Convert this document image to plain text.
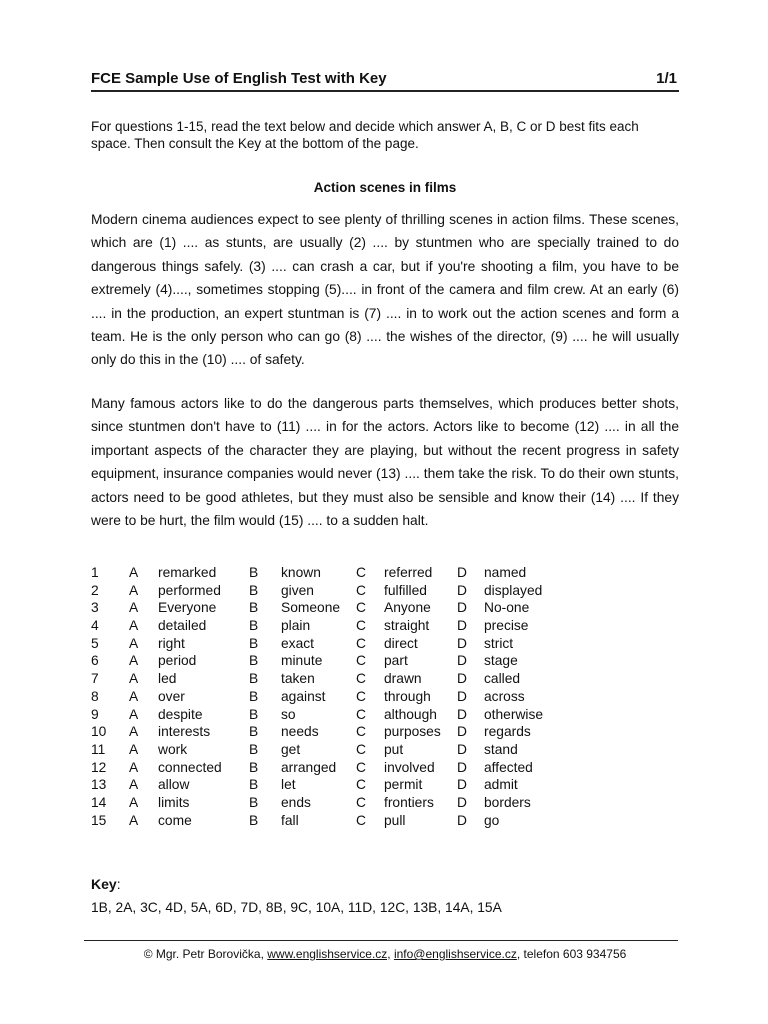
FCE Sample Use of English Test with Key	1/1
For questions 1-15, read the text below and decide which answer A, B, C or D best fits each space. Then consult the Key at the bottom of the page.
Action scenes in films

Modern cinema audiences expect to see plenty of thrilling scenes in action films. These scenes, which are (1) .... as stunts, are usually (2) .... by stuntmen who are specially trained to do dangerous things safely. (3) .... can crash a car, but if you're shooting a film, you have to be extremely (4)...., sometimes stopping (5).... in front of the camera and film crew. At an early (6) .... in the production, an expert stuntman is (7) .... in to work out the action scenes and form a team. He is the only person who can go (8) .... the wishes of the director, (9) .... he will usually only do this in the (10) .... of safety.

Many famous actors like to do the dangerous parts themselves, which produces better shots, since stuntmen don't have to (11) .... in for the actors. Actors like to become (12) .... in all the important aspects of the character they are playing, but without the recent progress in safety equipment, insurance companies would never (13) .... them take the risk. To do their own stunts, actors need to be good athletes, but they must also be sensible and know their (14) .... If they were to be hurt, the film would (15) .... to a sudden halt.

1 A remarked B known	C referred D named
2 A performed B given	C fulfilled D displayed
3 A Everyone B Someone C Anyone D No-one
4 A detailed	B plain	C straight D precise
5 A right	B exact	C direct	D strict
6 A period	B minute C part	D stage
7 A led	B taken	C drawn	D called
8 A over	B against C through D across
9 A despite	B so	C although D otherwise
10 A interests	B needs	C purposes D regards
11 A work	B get	C put	D stand
12 A connected B arranged C involved D affected
13 A allow	B let	C permit	D admit
14 A limits	B ends	C frontiers D borders
15 A come	B fall	C pull	D go
Key:
1B, 2A, 3C, 4D, 5A, 6D, 7D, 8B, 9C, 10A, 11D, 12C, 13B, 14A, 15A
© Mgr. Petr Borovička, www.englishservice.cz, info@englishservice.cz, telefon 603 934756
